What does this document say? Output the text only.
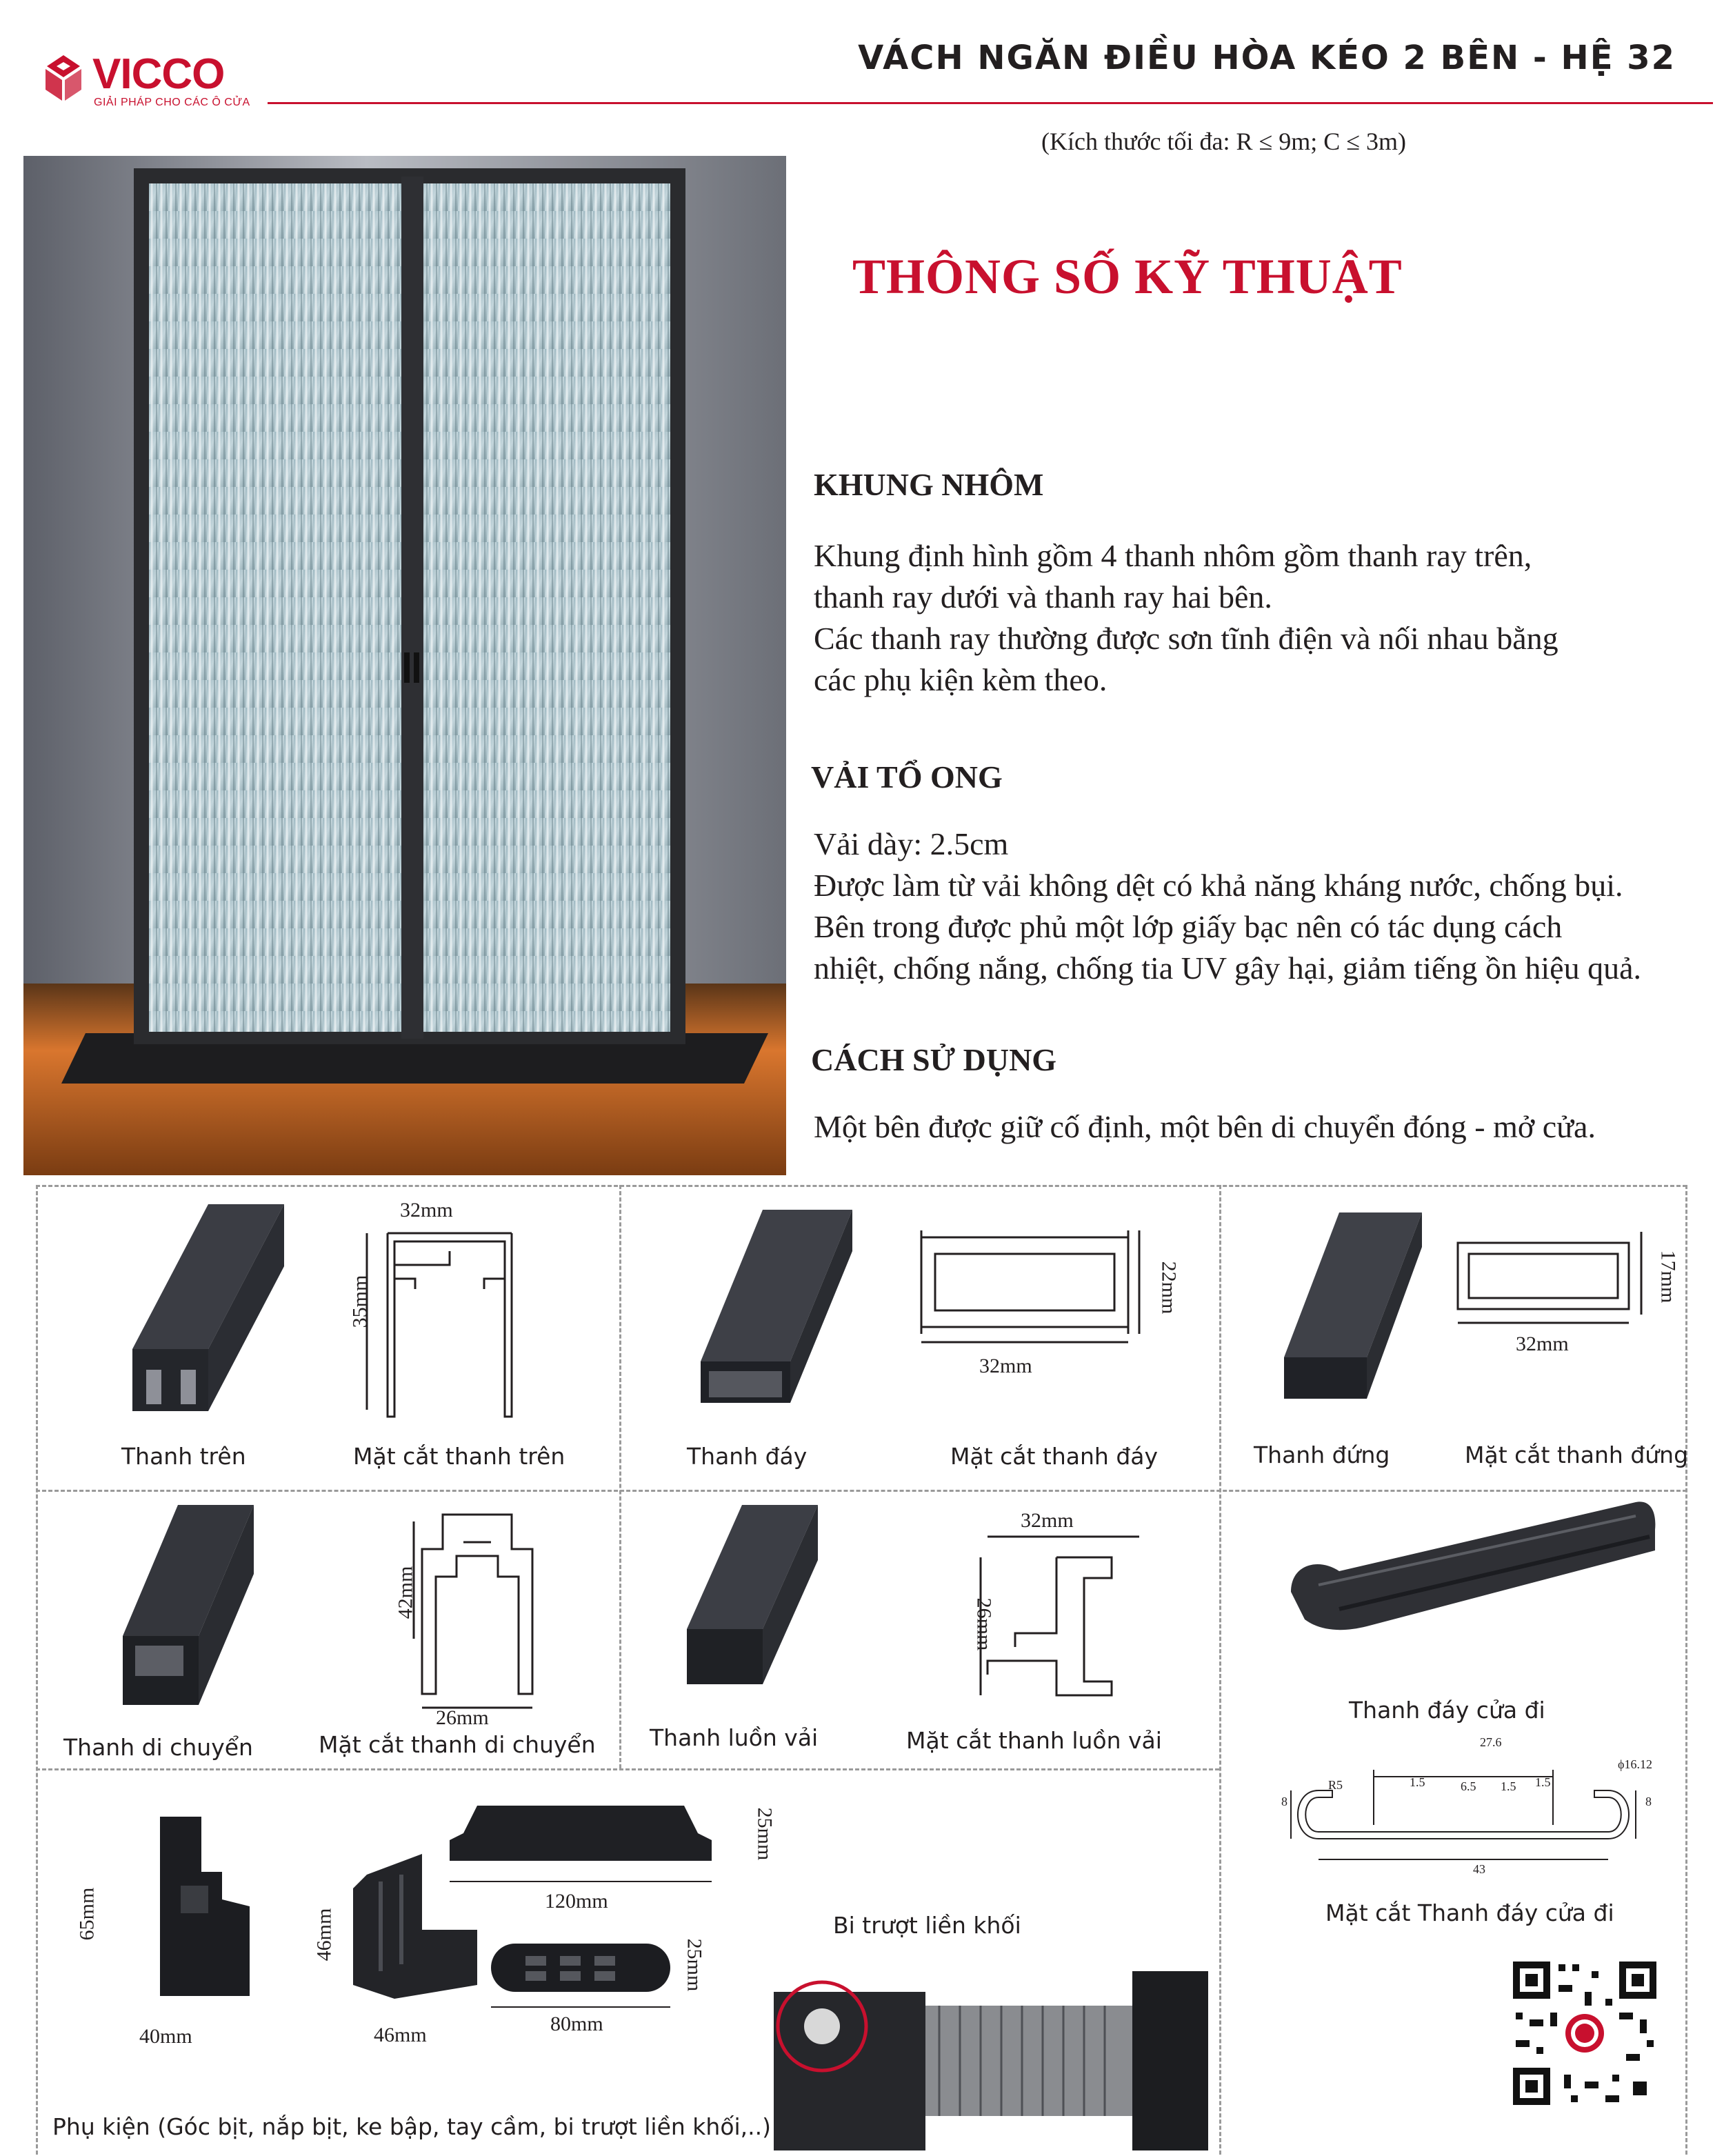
VICCO
GIẢI PHÁP CHO CÁC Ô CỬA
VÁCH NGĂN ĐIỀU HÒA KÉO 2 BÊN - HỆ 32
(Kích thước tối đa: R ≤ 9m; C ≤ 3m)
THÔNG SỐ KỸ THUẬT
KHUNG NHÔM
Khung định hình gồm 4 thanh nhôm gồm thanh ray trên,
thanh ray dưới và thanh ray hai bên.
Các thanh ray thường được sơn tĩnh điện và nối nhau bằng
các phụ kiện kèm theo.
VẢI TỔ ONG
Vải dày: 2.5cm
Được làm từ vải không dệt có khả năng kháng nước, chống bụi.
Bên trong được phủ một lớp giấy bạc nên có tác dụng cách
nhiệt, chống nắng, chống tia UV gây hại, giảm tiếng ồn hiệu quả.
CÁCH SỬ DỤNG
Một bên được giữ cố định, một bên di chuyển đóng - mở cửa.
32mm
35mm
Thanh trên	Mặt cắt thanh trên
22mm
32mm
Thanh đáy	Mặt cắt thanh đáy
17mm
32mm
Thanh đứng	Mặt cắt thanh đứng
42mm
26mm
Thanh di chuyển	Mặt cắt thanh di chuyển
32mm
26mm
Thanh luồn vải	Mặt cắt thanh luồn vải
Thanh đáy cửa đi
27.6
1.5	6.5 1.5 1.5
43
8	8
ϕ16.12
R5
Mặt cắt Thanh đáy cửa đi
65mm
40mm
46mm
46mm
25mm
120mm
25mm
80mm
Bi trượt liền khối
Phụ kiện (Góc bịt, nắp bịt, ke bập, tay cầm, bi trượt liền khối,..)
